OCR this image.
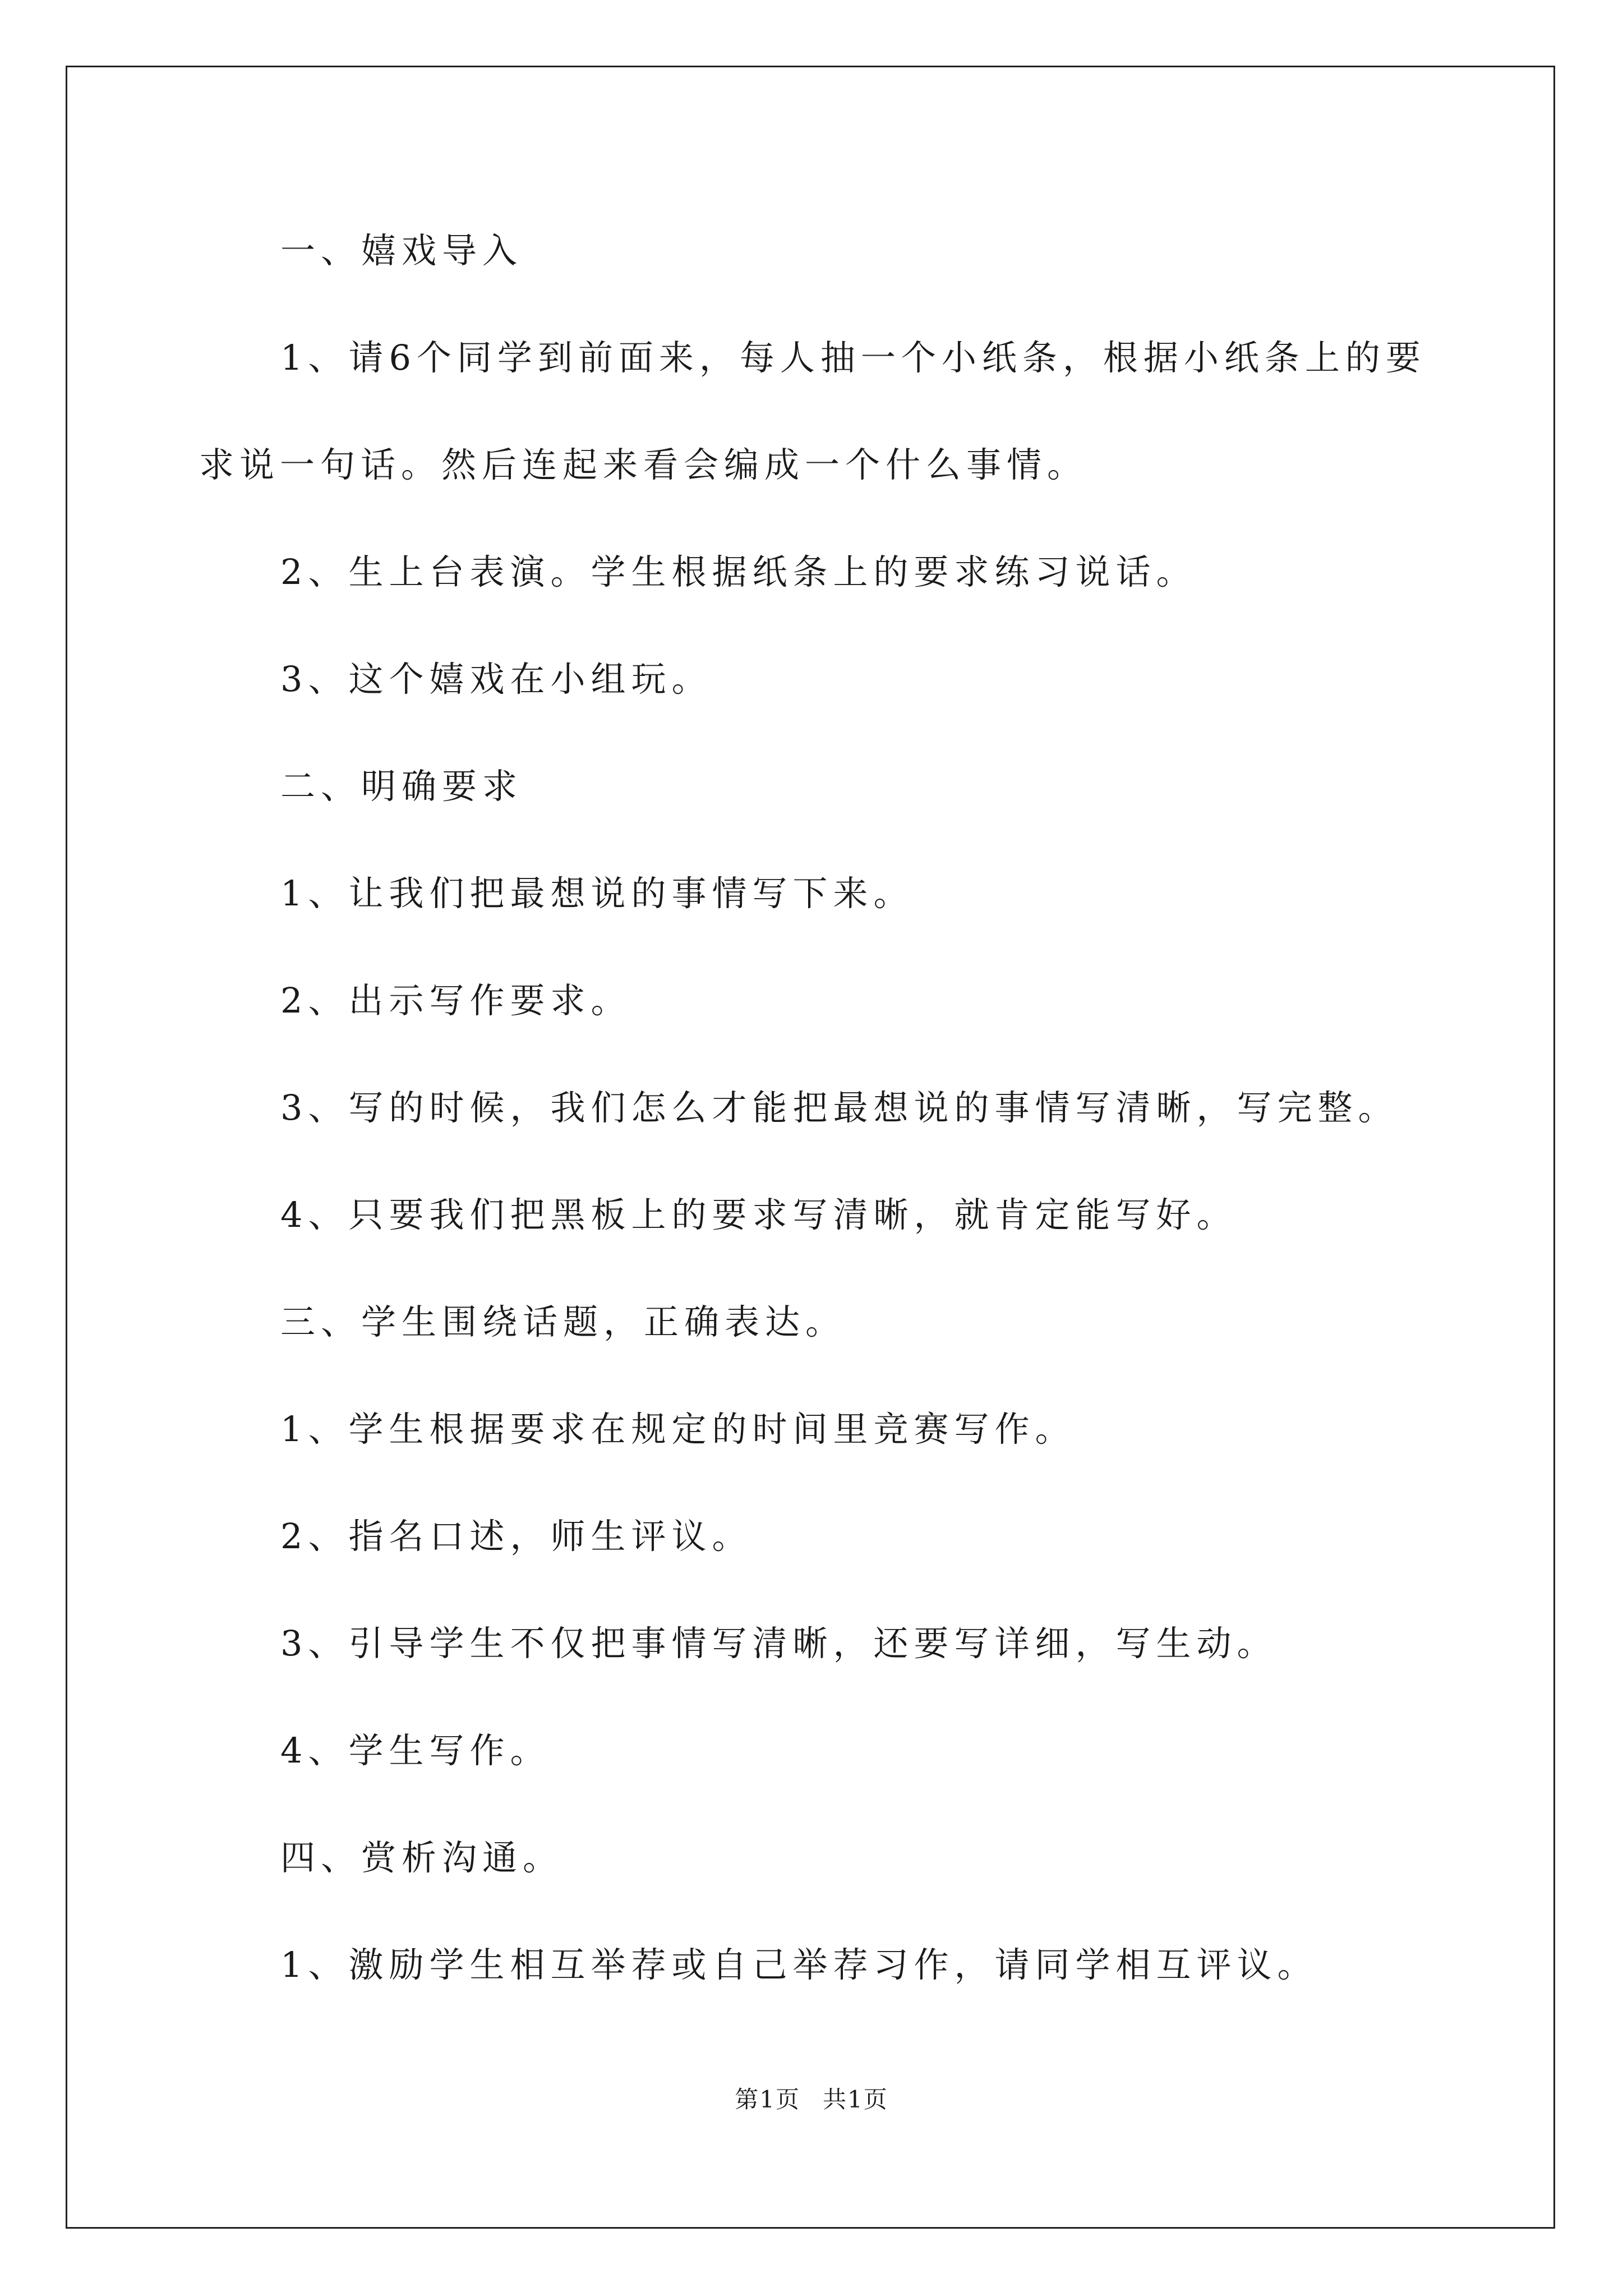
一、嬉戏导入
1、请6个同学到前面来，每人抽一个小纸条，根据小纸条上的要
求说一句话。然后连起来看会编成一个什么事情。
2、生上台表演。学生根据纸条上的要求练习说话。
3、这个嬉戏在小组玩。
二、明确要求
1、让我们把最想说的事情写下来。
2、出示写作要求。
3、写的时候，我们怎么才能把最想说的事情写清晰，写完整。
4、只要我们把黑板上的要求写清晰，就肯定能写好。
三、学生围绕话题，正确表达。
1、学生根据要求在规定的时间里竞赛写作。
2、指名口述，师生评议。
3、引导学生不仅把事情写清晰，还要写详细，写生动。
4、学生写作。
四、赏析沟通。
1、激励学生相互举荐或自己举荐习作，请同学相互评议。
第1页 共1页
